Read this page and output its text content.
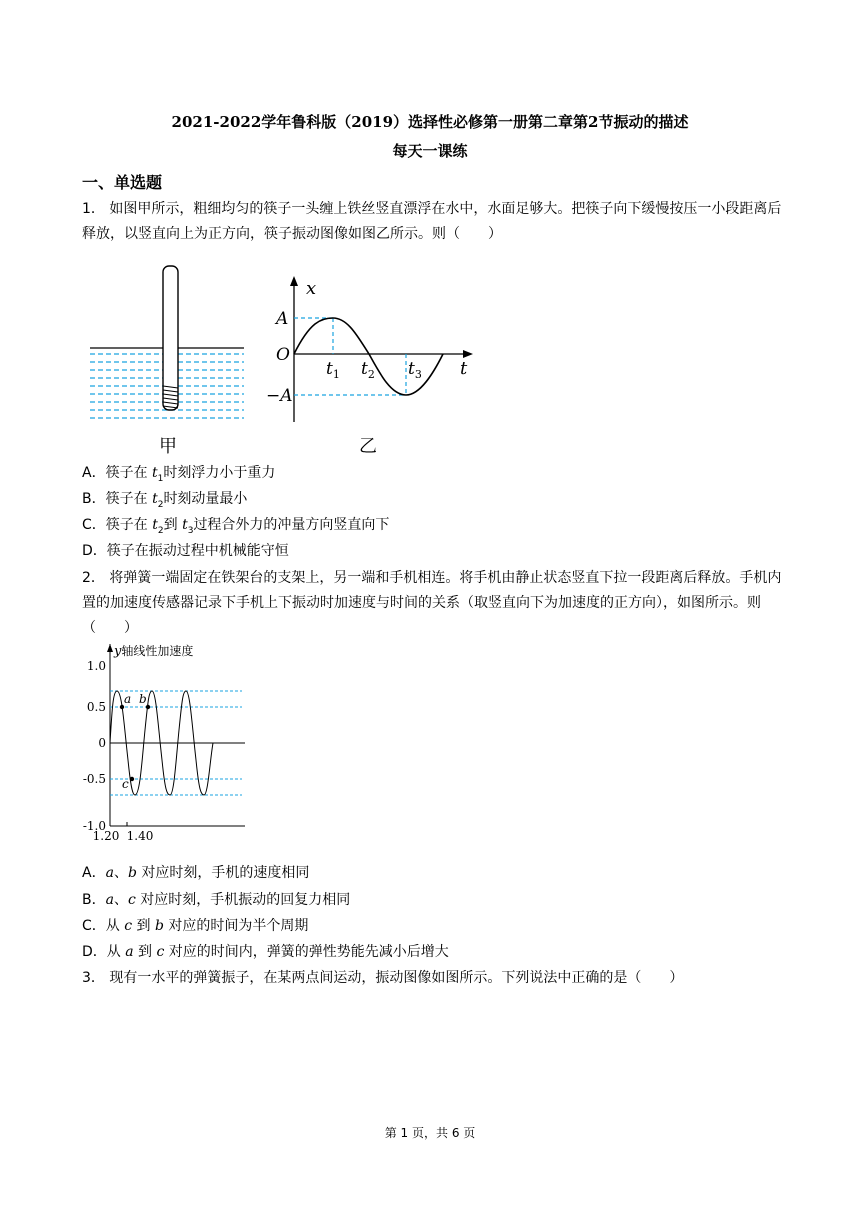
2021-2022学年鲁科版（2019）选择性必修第一册第二章第2节振动的描述
每天一课练
一、单选题
1． 如图甲所示，粗细均匀的筷子一头缠上铁丝竖直漂浮在水中，水面足够大。把筷子向下缓慢按压一小段距离后释放，以竖直向上为正方向，筷子振动图像如图乙所示。则（　　）
甲
x
t
O
A
−A
$t_1$ $t_2$ $t_3$
乙
A．筷子在 $t_1$时刻浮力小于重力
B．筷子在 $t_2$时刻动量最小
C．筷子在 $t_2$到 $t_3$过程合外力的冲量方向竖直向下
D．筷子在振动过程中机械能守恒
2． 将弹簧一端固定在铁架台的支架上，另一端和手机相连。将手机由静止状态竖直下拉一段距离后释放。手机内置的加速度传感器记录下手机上下振动时加速度与时间的关系（取竖直向下为加速度的正方向），如图所示。则（　　）
a b
c
y轴线性加速度
1.0
0.5
0
-0.5
-1.0
1.20 1.40
A．a、b 对应时刻，手机的速度相同
B．a、c 对应时刻，手机振动的回复力相同
C．从 c 到 b 对应的时间为半个周期
D．从 a 到 c 对应的时间内，弹簧的弹性势能先减小后增大
3． 现有一水平的弹簧振子，在某两点间运动，振动图像如图所示。下列说法中正确的是（　　）
第 1 页，共 6 页
